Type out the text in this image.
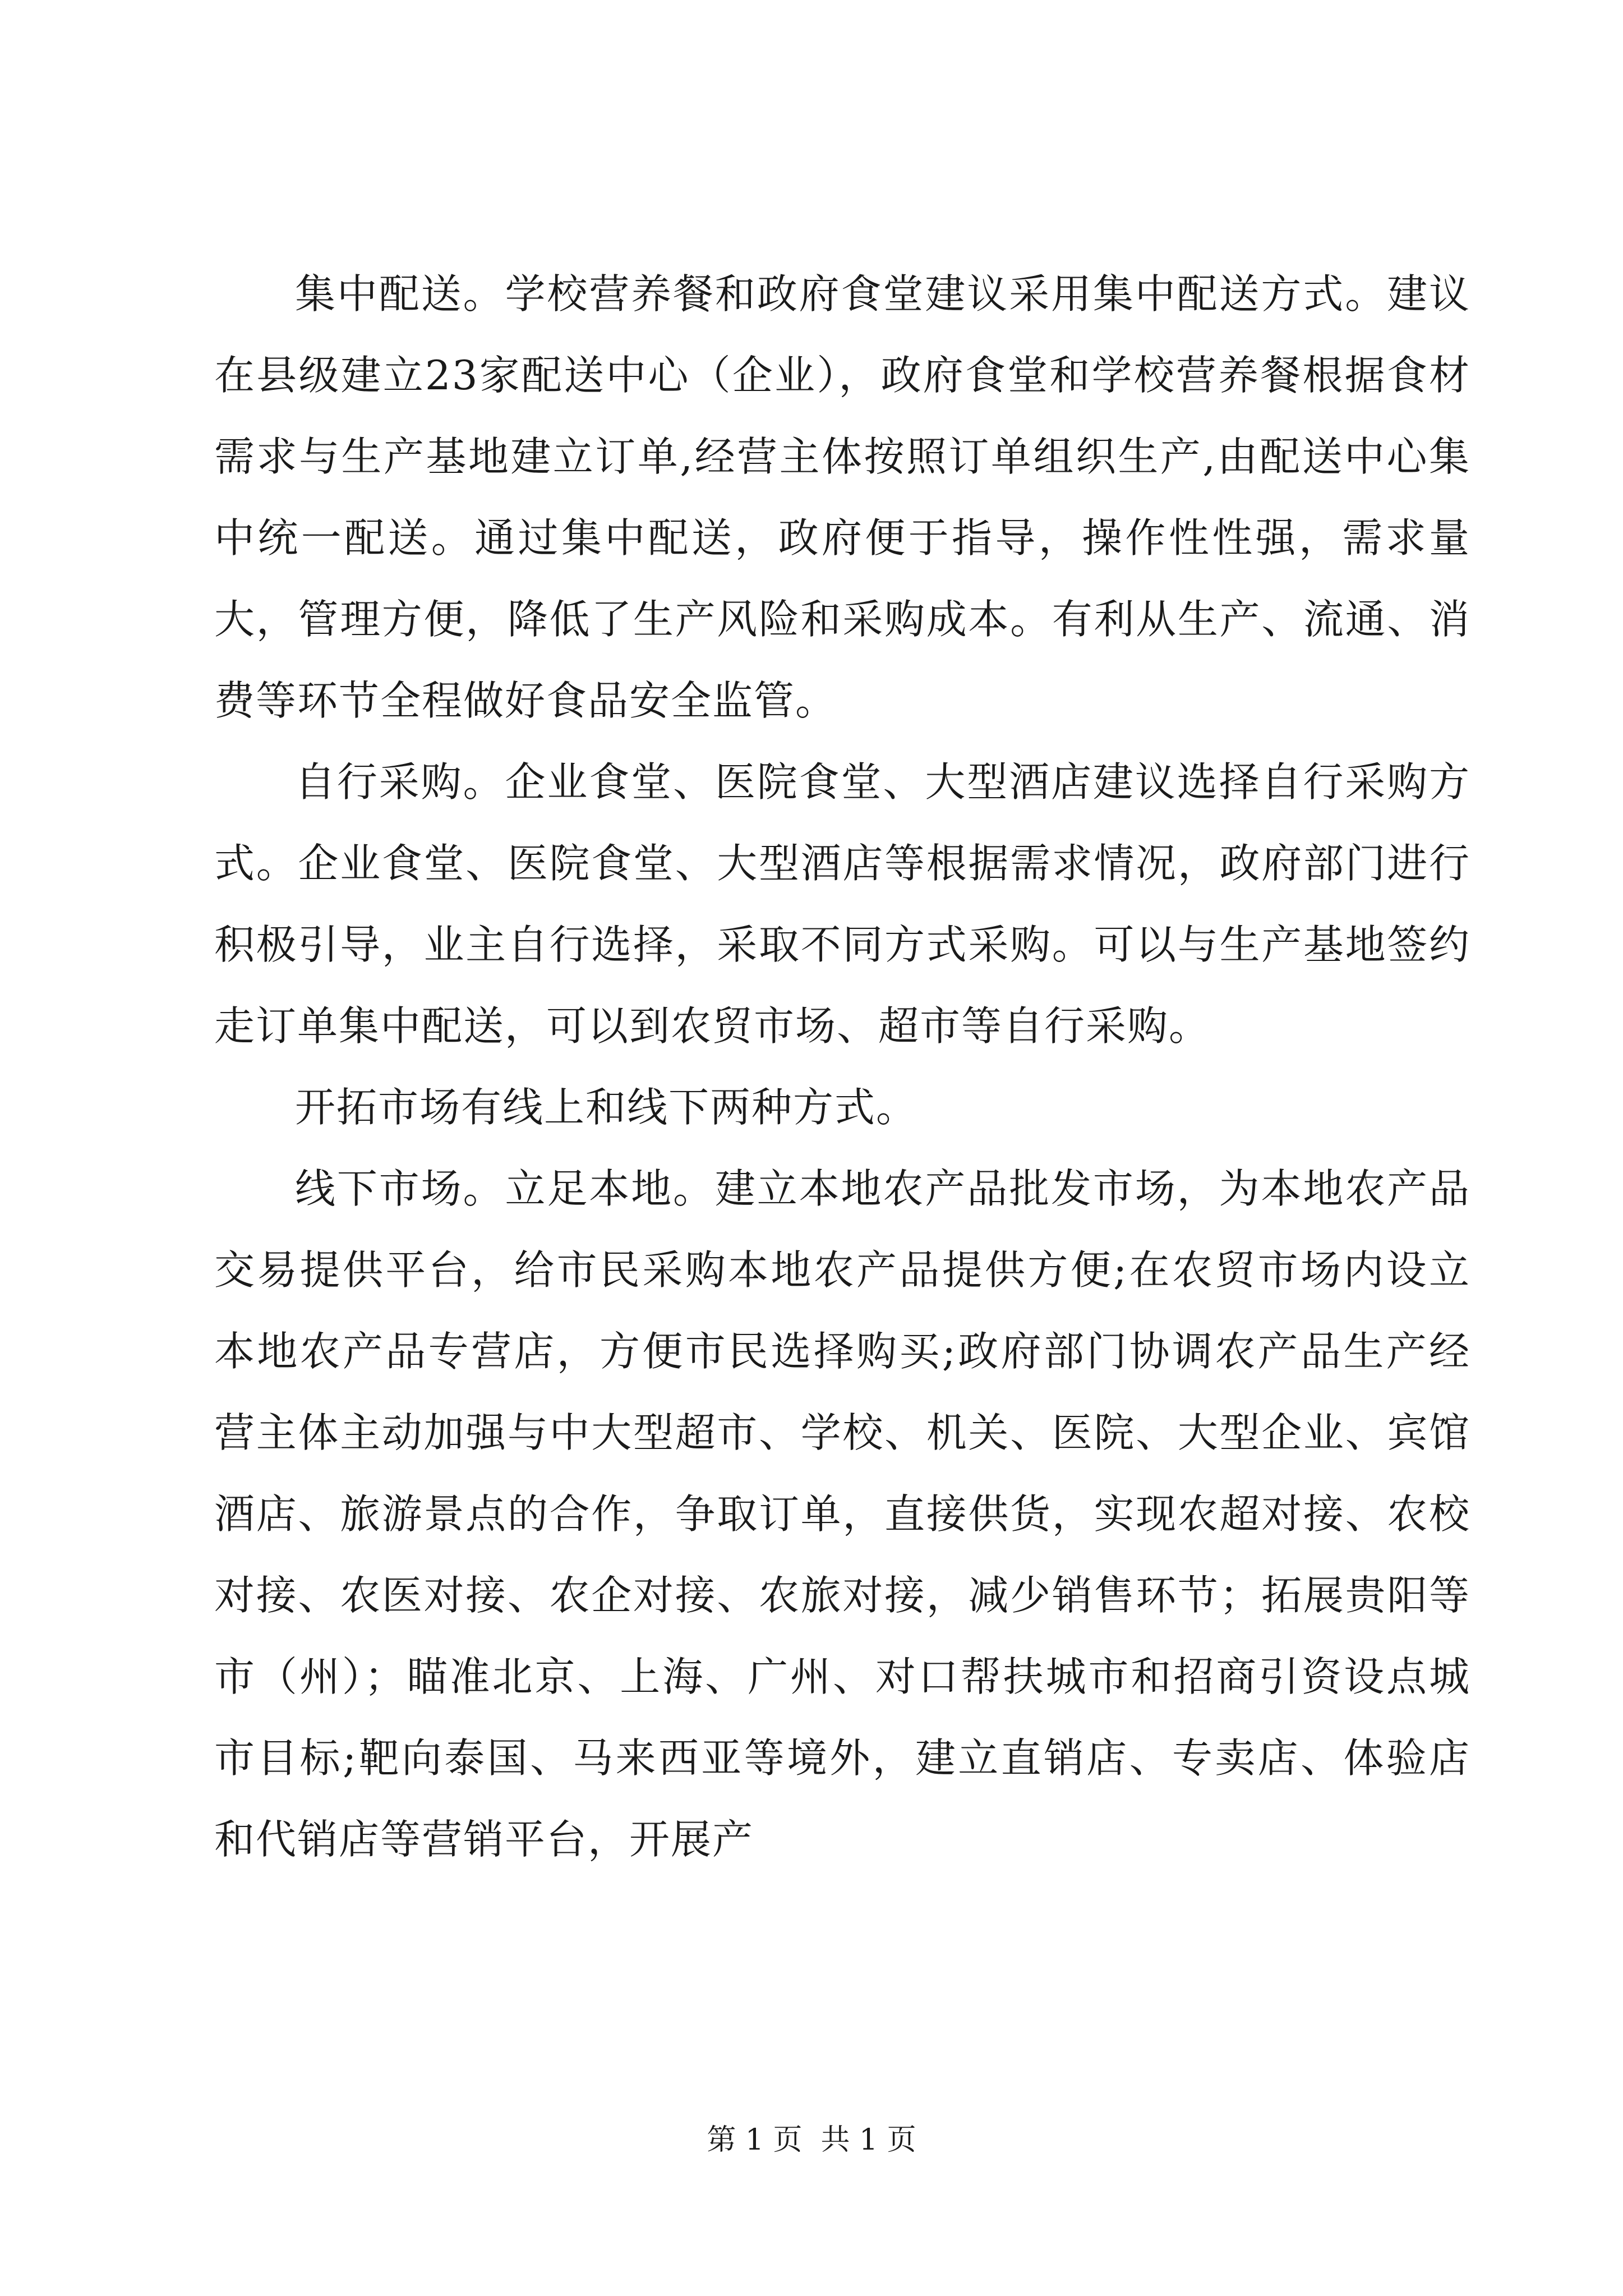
集中配送。学校营养餐和政府食堂建议采用集中配送方式。建议在县级建立23家配送中心（企业），政府食堂和学校营养餐根据食材需求与生产基地建立订单,经营主体按照订单组织生产,由配送中心集中统一配送。通过集中配送，政府便于指导，操作性性强，需求量大，管理方便，降低了生产风险和采购成本。有利从生产、流通、消费等环节全程做好食品安全监管。

自行采购。企业食堂、医院食堂、大型酒店建议选择自行采购方式。企业食堂、医院食堂、大型酒店等根据需求情况，政府部门进行积极引导，业主自行选择，采取不同方式采购。可以与生产基地签约走订单集中配送，可以到农贸市场、超市等自行采购。

开拓市场有线上和线下两种方式。

线下市场。立足本地。建立本地农产品批发市场，为本地农产品交易提供平台，给市民采购本地农产品提供方便;在农贸市场内设立本地农产品专营店，方便市民选择购买;政府部门协调农产品生产经营主体主动加强与中大型超市、学校、机关、医院、大型企业、宾馆酒店、旅游景点的合作，争取订单，直接供货，实现农超对接、农校对接、农医对接、农企对接、农旅对接，减少销售环节；拓展贵阳等市（州）；瞄准北京、上海、广州、对口帮扶城市和招商引资设点城市目标;靶向泰国、马来西亚等境外，建立直销店、专卖店、体验店和代销店等营销平台，开展产

第 1 页  共 1 页
